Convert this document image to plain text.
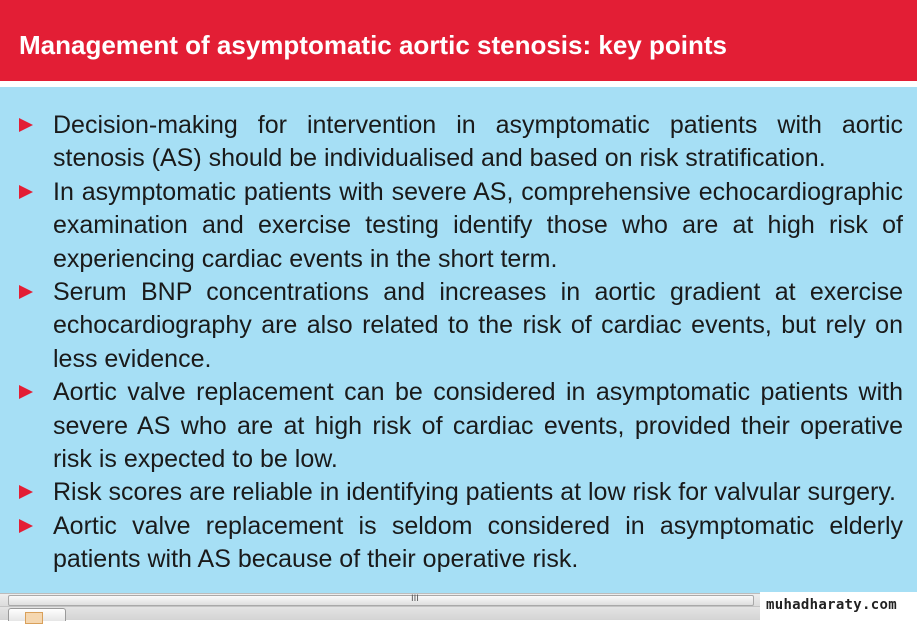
Management of asymptomatic aortic stenosis: key points
Decision-making for intervention in asymptomatic patients with aortic stenosis (AS) should be individualised and based on risk stratification.
In asymptomatic patients with severe AS, comprehensive echocardiographic examination and exercise testing identify those who are at high risk of experiencing cardiac events in the short term.
Serum BNP concentrations and increases in aortic gradient at exercise echocardiography are also related to the risk of cardiac events, but rely on less evidence.
Aortic valve replacement can be considered in asymptomatic patients with severe AS who are at high risk of cardiac events, provided their operative risk is expected to be low.
Risk scores are reliable in identifying patients at low risk for valvular surgery.
Aortic valve replacement is seldom considered in asymptomatic elderly patients with AS because of their operative risk.
III	muhadharaty.com
